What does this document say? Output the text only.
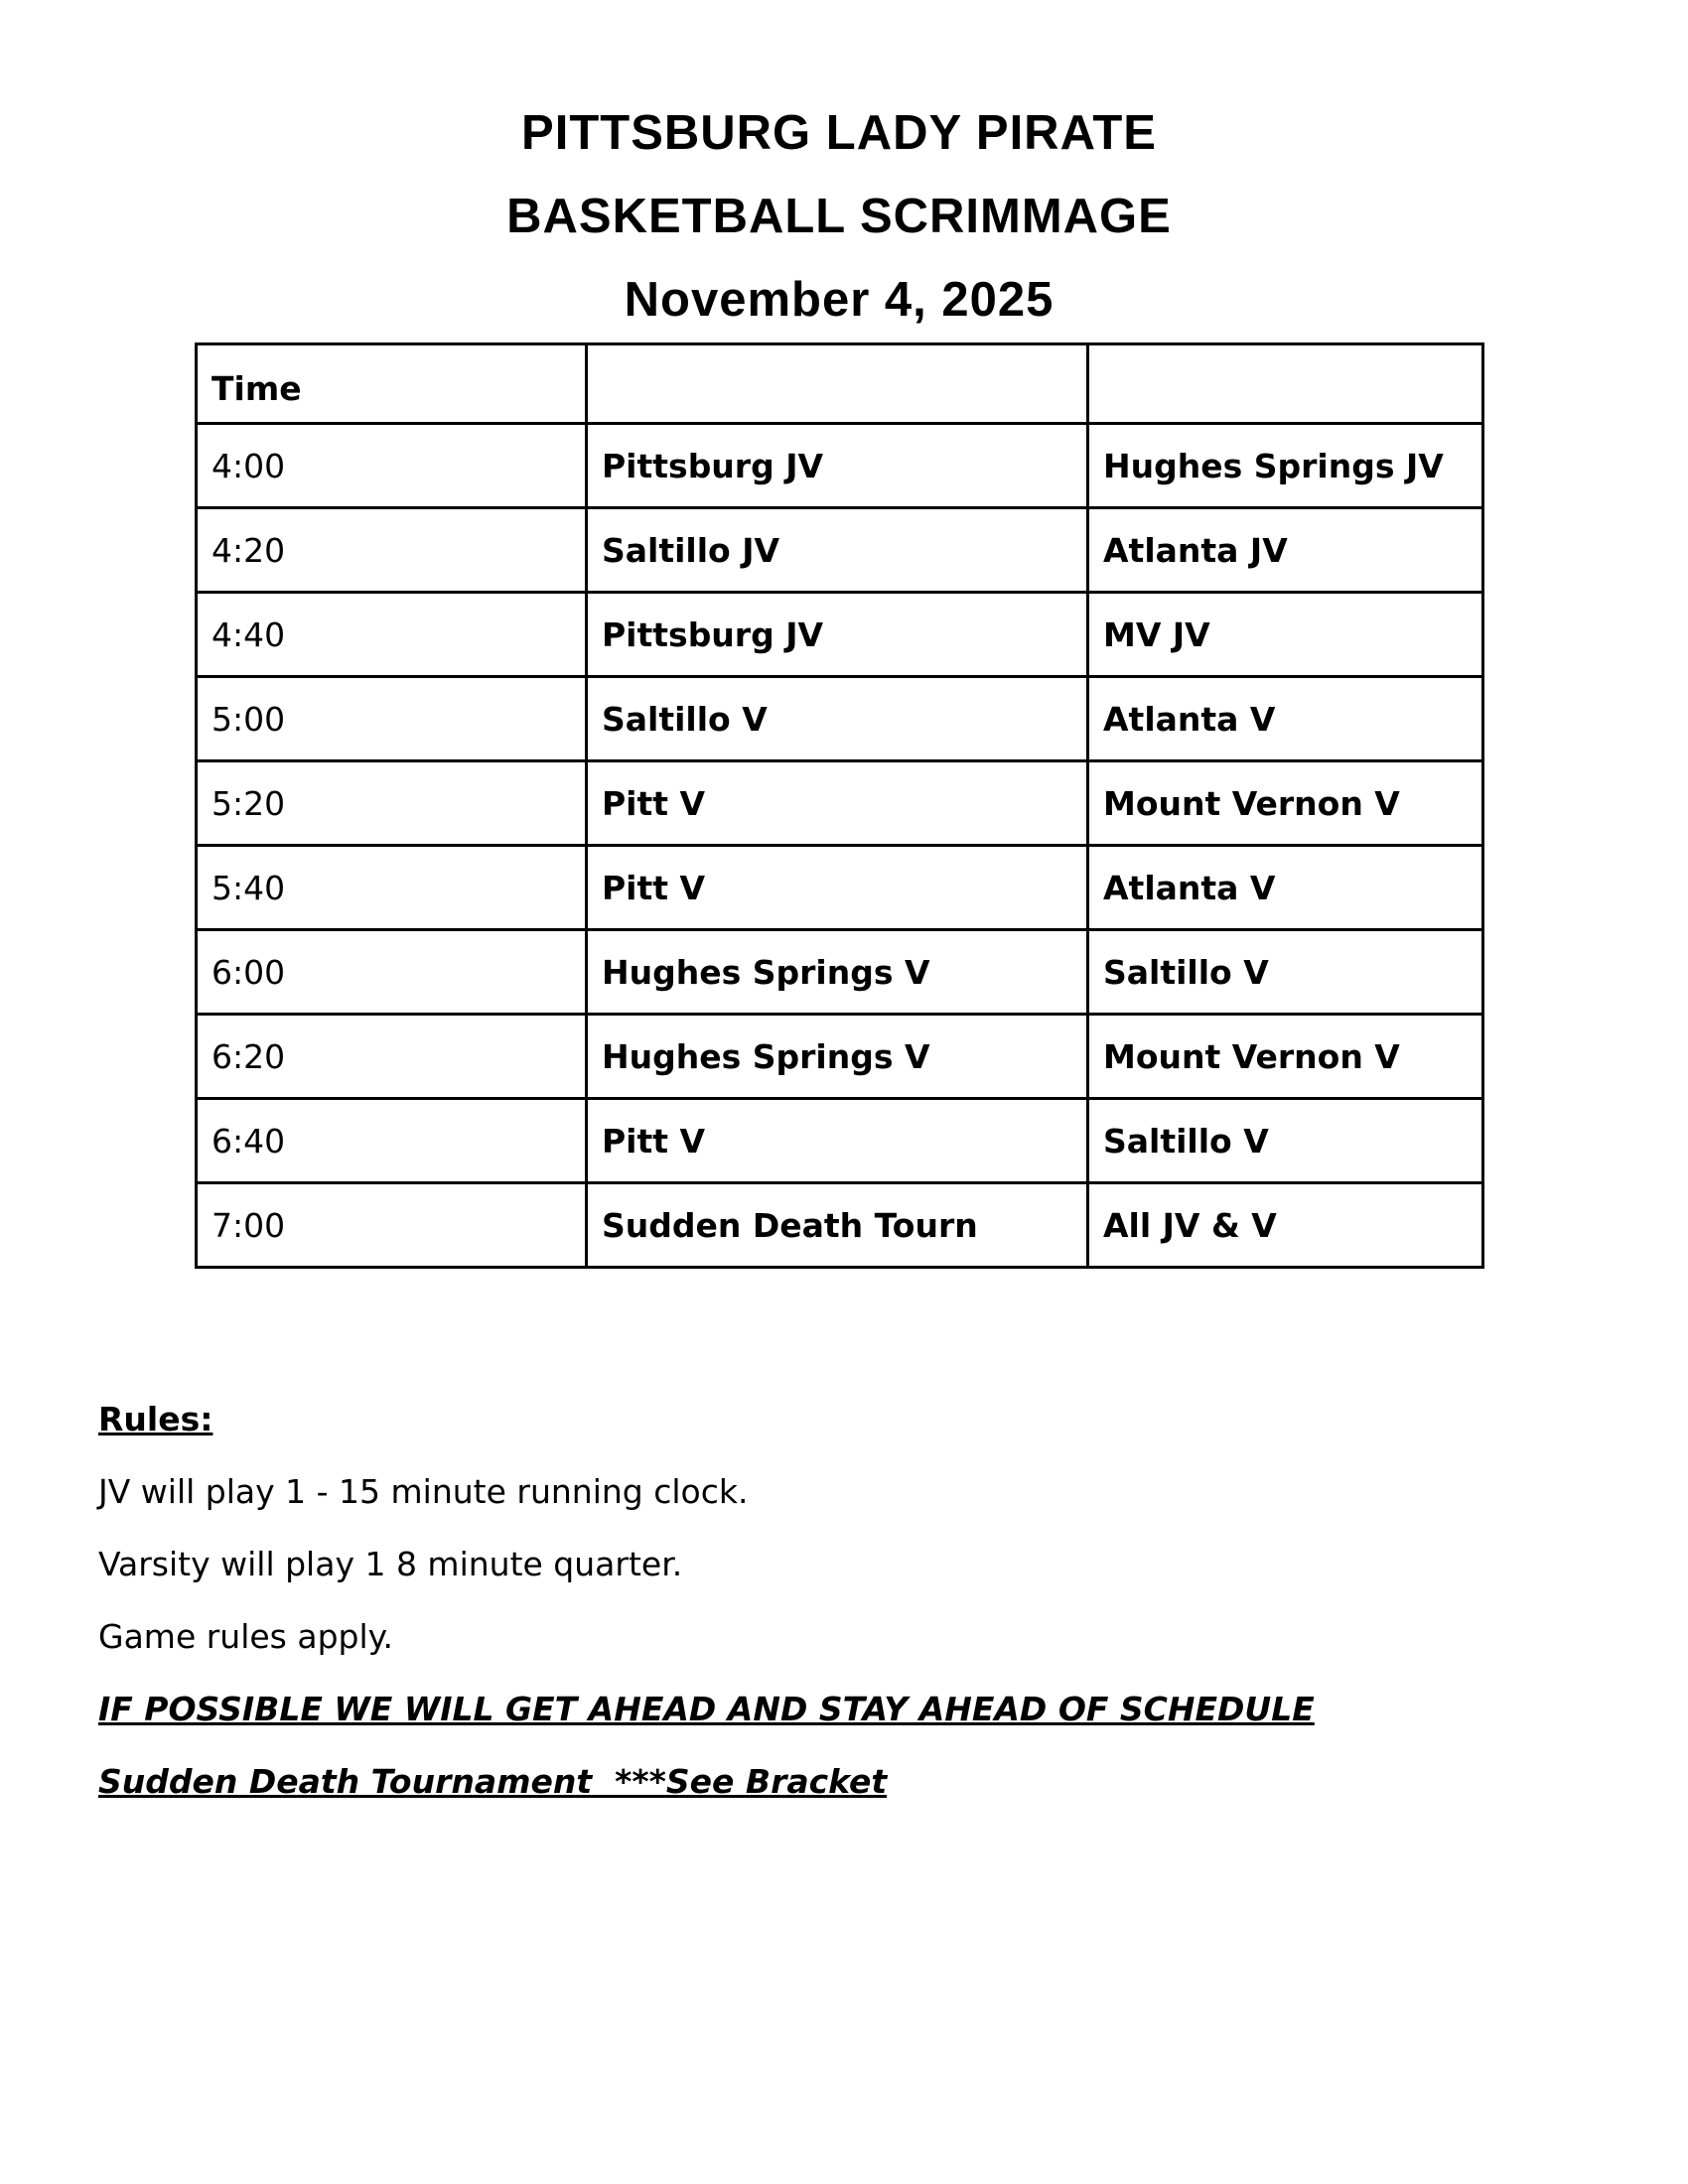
PITTSBURG LADY PIRATE

BASKETBALL SCRIMMAGE

November 4, 2025

Time		
4:00	Pittsburg JV	Hughes Springs JV
4:20	Saltillo JV	Atlanta JV
4:40	Pittsburg JV	MV JV
5:00	Saltillo V	Atlanta V
5:20	Pitt V	Mount Vernon V
5:40	Pitt V	Atlanta V
6:00	Hughes Springs V	Saltillo V
6:20	Hughes Springs V	Mount Vernon V
6:40	Pitt V	Saltillo V
7:00	Sudden Death Tourn	All JV & V

Rules:

JV will play 1 - 15 minute running clock.

Varsity will play 1 8 minute quarter.

Game rules apply.

IF POSSIBLE WE WILL GET AHEAD AND STAY AHEAD OF SCHEDULE

Sudden Death Tournament  ***See Bracket
